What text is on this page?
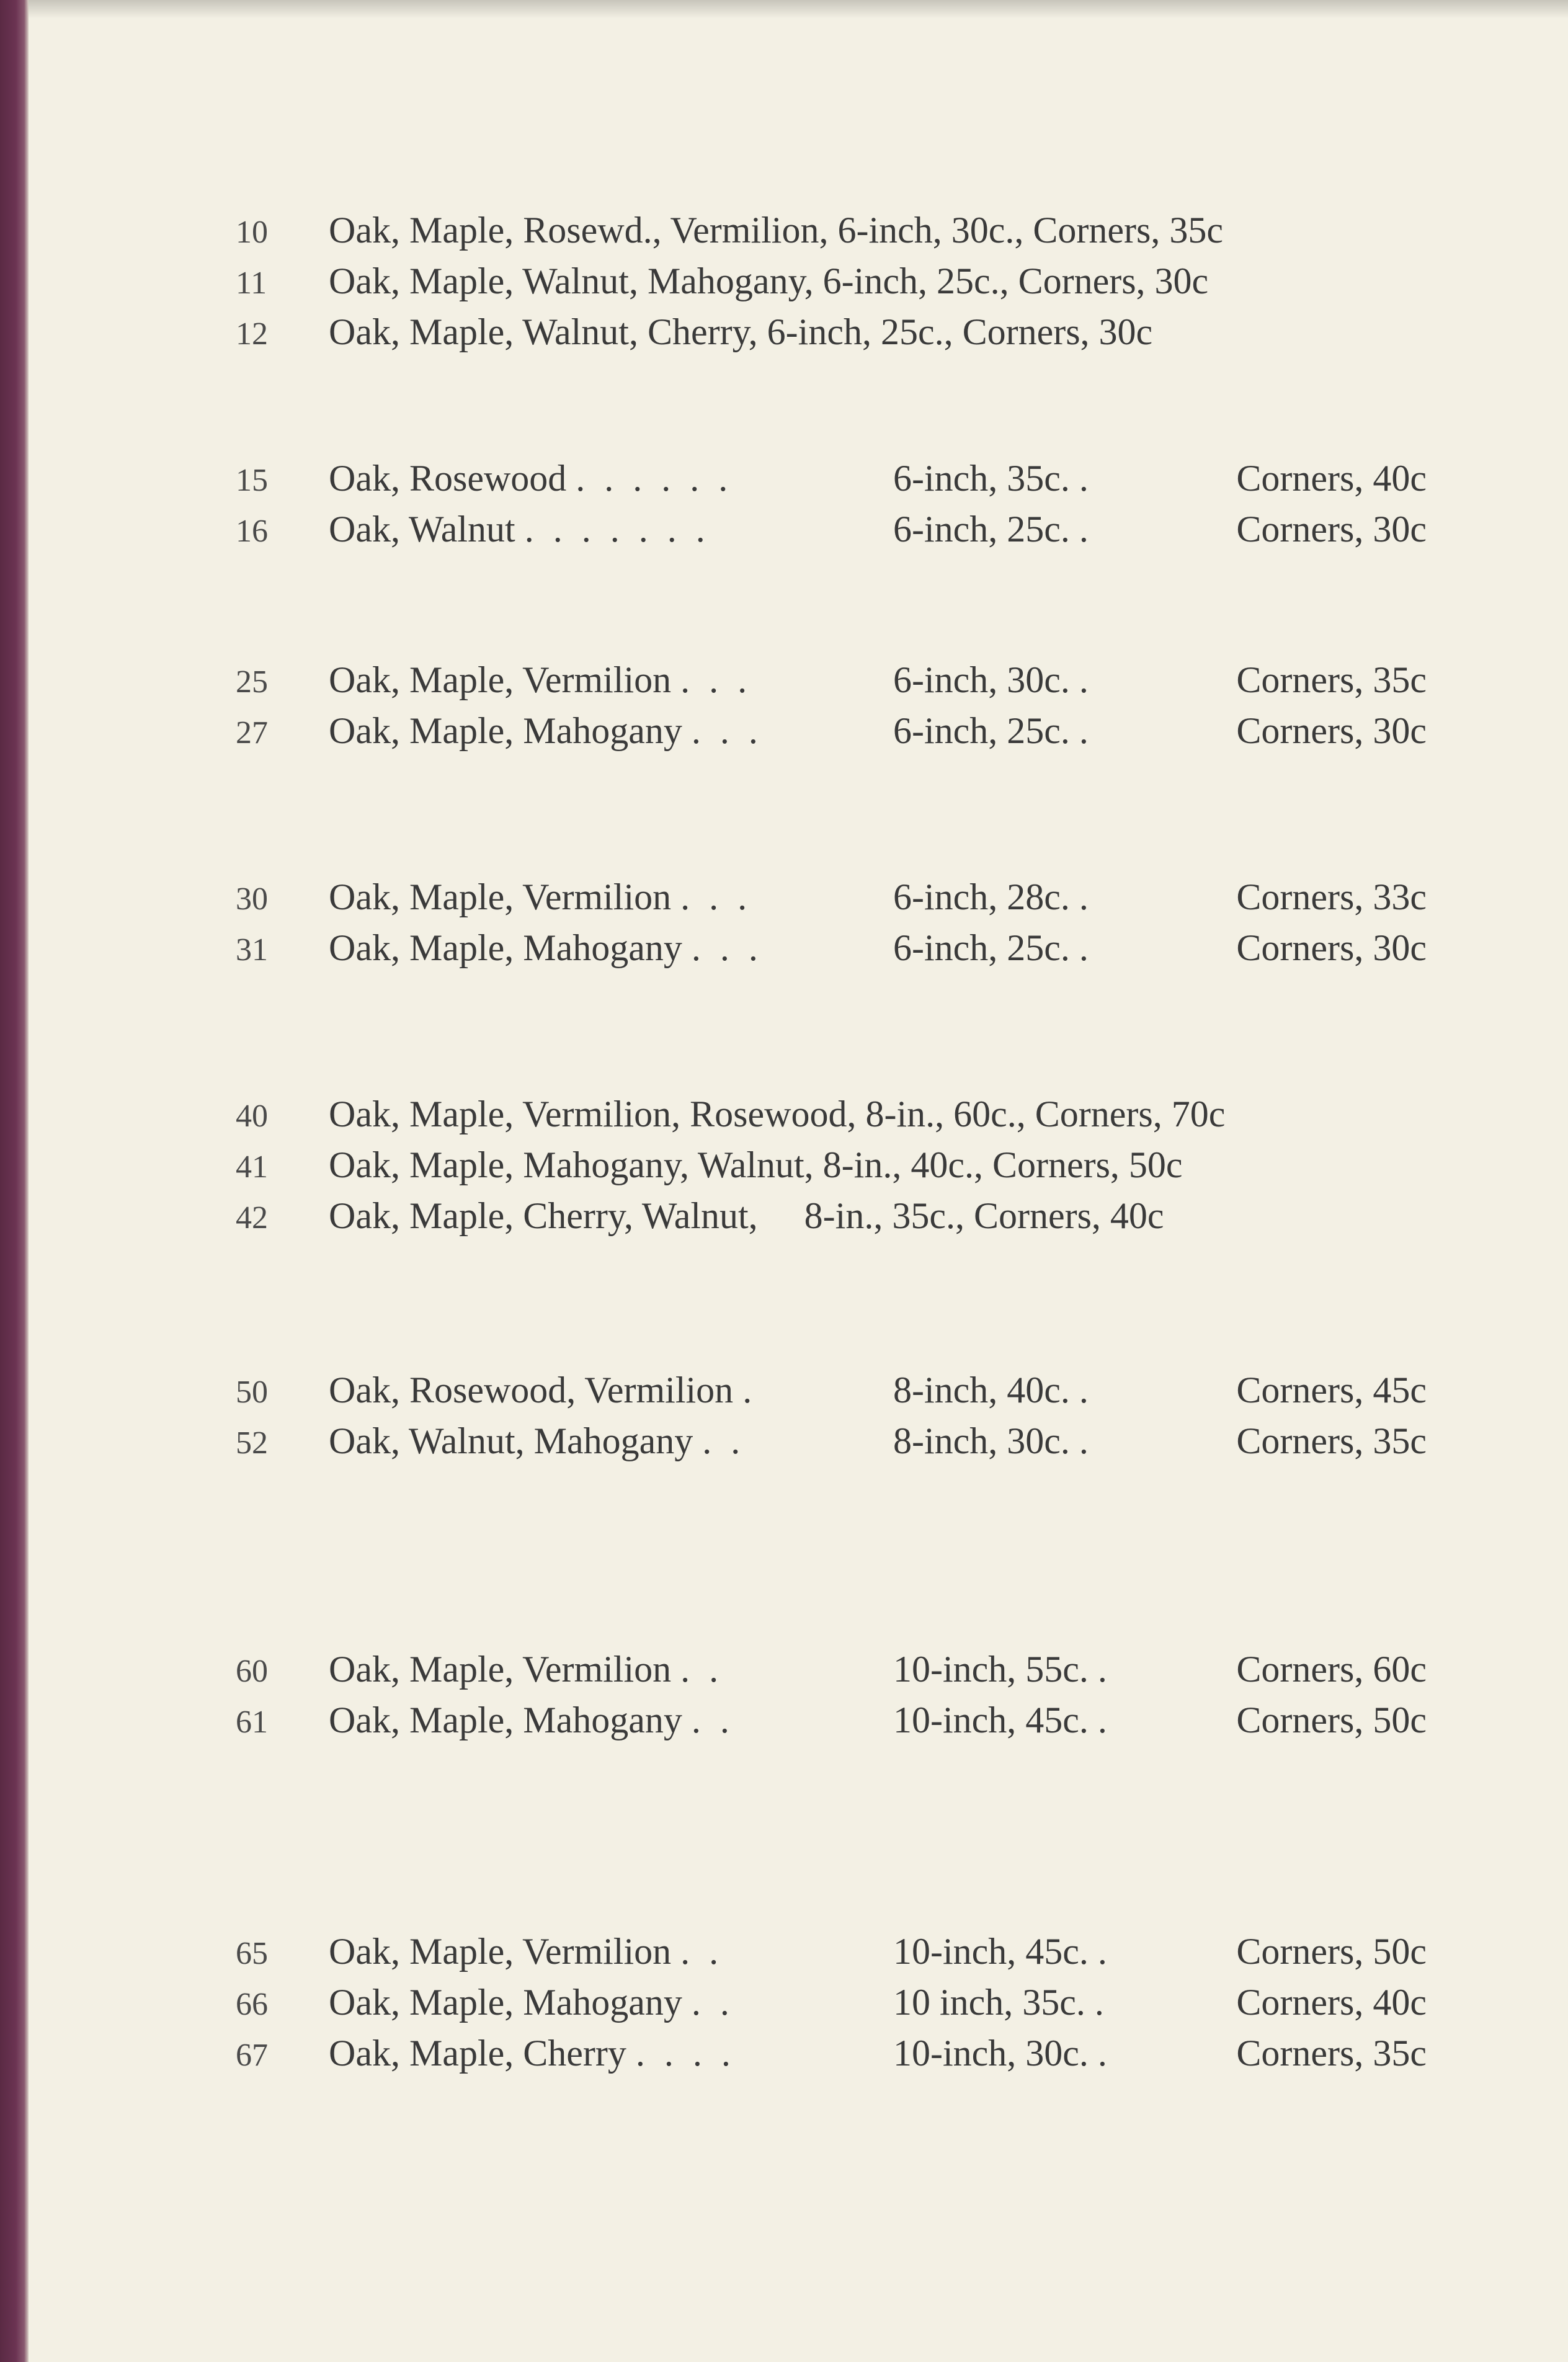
10	Oak, Maple, Rosewd., Vermilion, 6-inch, 30c., Corners, 35c
11	Oak, Maple, Walnut, Mahogany, 6-inch, 25c., Corners, 30c
12	Oak, Maple, Walnut, Cherry, 6-inch, 25c., Corners, 30c
15	Oak, Rosewood . . . . . .	6-inch, 35c. .	Corners, 40c
16	Oak, Walnut . . . . . . .	6-inch, 25c. .	Corners, 30c
25	Oak, Maple, Vermilion . . .	6-inch, 30c. .	Corners, 35c
27	Oak, Maple, Mahogany . . .	6-inch, 25c. .	Corners, 30c
30	Oak, Maple, Vermilion . . .	6-inch, 28c. .	Corners, 33c
31	Oak, Maple, Mahogany . . .	6-inch, 25c. .	Corners, 30c
40	Oak, Maple, Vermilion, Rosewood, 8-in., 60c., Corners, 70c
41	Oak, Maple, Mahogany, Walnut, 8-in., 40c., Corners, 50c
42	Oak, Maple, Cherry, Walnut,     8-in., 35c., Corners, 40c
50	Oak, Rosewood, Vermilion .	8-inch, 40c. .	Corners, 45c
52	Oak, Walnut, Mahogany . .	8-inch, 30c. .	Corners, 35c
60	Oak, Maple, Vermilion . .	10-inch, 55c. .	Corners, 60c
61	Oak, Maple, Mahogany . .	10-inch, 45c. .	Corners, 50c
65	Oak, Maple, Vermilion . .	10-inch, 45c. .	Corners, 50c
66	Oak, Maple, Mahogany . .	10 inch, 35c. .	Corners, 40c
67	Oak, Maple, Cherry . . . .	10-inch, 30c. .	Corners, 35c
